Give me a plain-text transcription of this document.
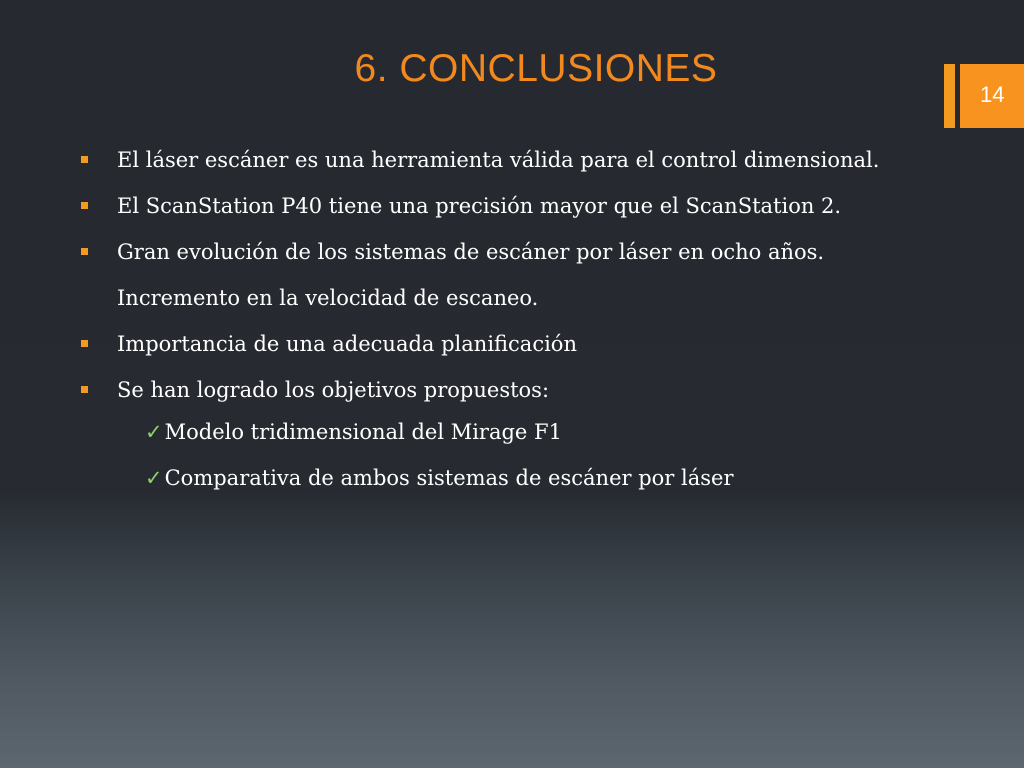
6. CONCLUSIONES
14
El láser escáner es una herramienta válida para el control dimensional.
El ScanStation P40 tiene una precisión mayor que el ScanStation 2.
Gran evolución de los sistemas de escáner por láser en ocho años.
Incremento en la velocidad de escaneo.
Importancia de una adecuada planificación
Se han logrado los objetivos propuestos:
✓Modelo tridimensional del Mirage F1
✓Comparativa de ambos sistemas de escáner por láser
